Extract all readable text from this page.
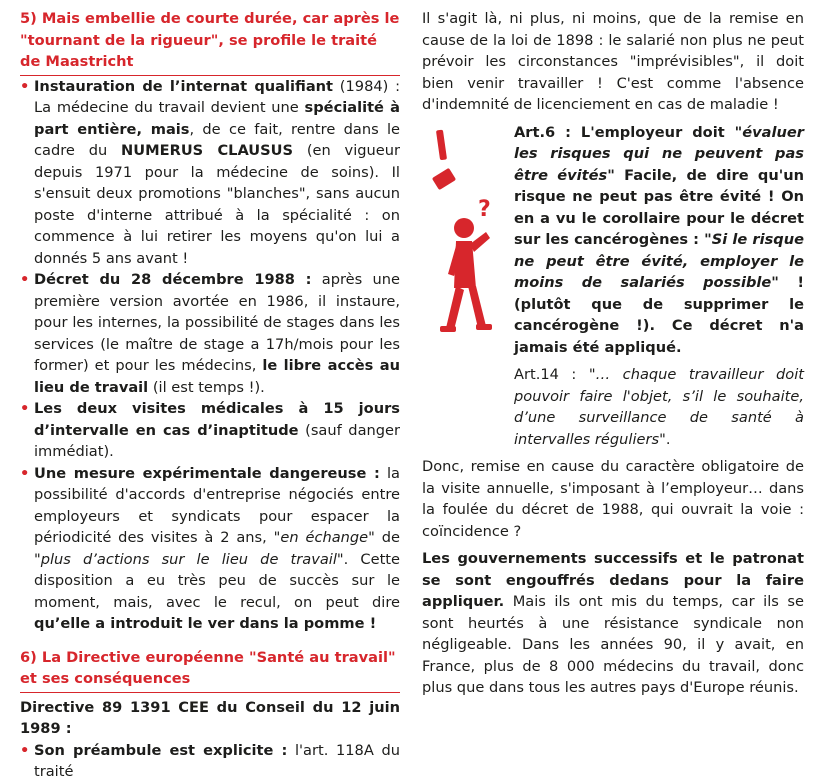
5) Mais embellie de courte durée, car après le "tournant de la rigueur", se profile le traité de Maastricht

• Instauration de l’internat qualifiant (1984) : La médecine du travail devient une spécialité à part entière, mais, de ce fait, rentre dans le cadre du NUMERUS CLAUSUS (en vigueur depuis 1971 pour la médecine de soins). Il s'ensuit deux promotions "blanches", sans aucun poste d'interne attribué à la spécialité : on commence à lui retirer les moyens qu'on lui a donnés 5 ans avant !
• Décret du 28 décembre 1988 : après une première version avortée en 1986, il instaure, pour les internes, la possibilité de stages dans les services (le maître de stage a 17h/mois pour les former) et pour les médecins, le libre accès au lieu de travail (il est temps !).
• Les deux visites médicales à 15 jours d’intervalle en cas d’inaptitude (sauf danger immédiat).
• Une mesure expérimentale dangereuse : la possibilité d'accords d'entreprise négociés entre employeurs et syndicats pour espacer la périodicité des visites à 2 ans, "en échange" de "plus d’actions sur le lieu de travail". Cette disposition a eu très peu de succès sur le moment, mais, avec le recul, on peut dire qu’elle a introduit le ver dans la pomme !

6) La Directive européenne "Santé au travail" et ses conséquences

Directive 89 1391 CEE du Conseil du 12 juin 1989 :

• Son préambule est explicite : l'art. 118A du traité

Il s'agit là, ni plus, ni moins, que de la remise en cause de la loi de 1898 : le salarié non plus ne peut prévoir les circonstances "imprévisibles", il doit bien venir travailler ! C'est comme l'absence d'indemnité de licenciement en cas de maladie !

Art.6 : L'employeur doit "évaluer les risques qui ne peuvent pas être évités" Facile, de dire qu'un risque ne peut pas être évité ! On en a vu le corollaire pour le décret sur les cancérogènes : "Si le risque ne peut être évité, employer le moins de salariés possible" ! (plutôt que de supprimer le cancérogène !). Ce décret n'a jamais été appliqué.

Art.14 : "… chaque travailleur doit pouvoir faire l'objet, s’il le souhaite, d’une surveillance de santé à intervalles réguliers".

Donc, remise en cause du caractère obligatoire de la visite annuelle, s'imposant à l’employeur… dans la foulée du décret de 1988, qui ouvrait la voie : coïncidence ?

Les gouvernements successifs et le patronat se sont engouffrés dedans pour la faire appliquer. Mais ils ont mis du temps, car ils se sont heurtés à une résistance syndicale non négligeable. Dans les années 90, il y avait, en France, plus de 8 000 médecins du travail, donc plus que dans tous les autres pays d'Europe réunis.

?
